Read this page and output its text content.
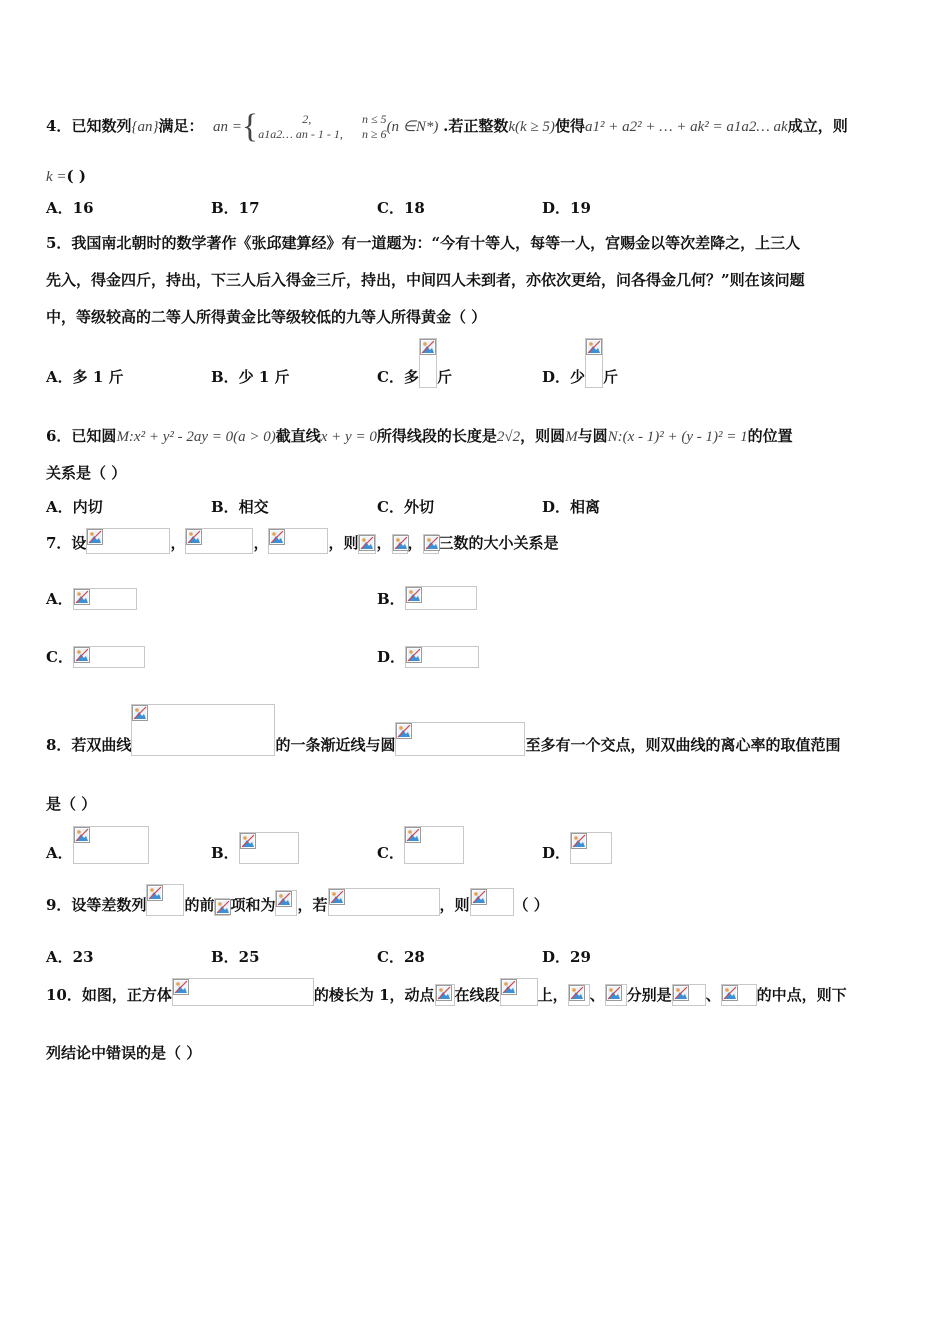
4．已知数列{an}满足： an ={	2,
a1a2… an - 1 - 1,    n ≤ 5
n ≥ 6(n ∈N*) .若正整数k(k ≥ 5)使得a1² + a2² + … + ak² = a1a2… ak成立，则
k =( )
A．16	B．17	C．18	D．19
5．我国南北朝时的数学著作《张邱建算经》有一道题为：“今有十等人，每等一人，宫赐金以等次差降之，上三人
先入，得金四斤，持出，下三人后入得金三斤，持出，中间四人未到者，亦依次更给，问各得金几何？”则在该问题
中，等级较高的二等人所得黄金比等级较低的九等人所得黄金（ ）
A．多 1 斤	B．少 1 斤	C．多 斤	D．少 斤
6．已知圆M:x² + y² - 2ay = 0(a > 0)截直线x + y = 0所得线段的长度是2√2，则圆M与圆N:(x - 1)² + (y - 1)² = 1的位置
关系是（ ）
A．内切	B．相交	C．外切	D．相离
7．设	，	，	，则 ， ， 三数的大小关系是
A．	B．
C．	D．
8．若双曲线	的一条渐近线与圆	至多有一个交点，则双曲线的离心率的取值范围
是（ ）
A．	B．	C．	D．
9．设等差数列	的前 项和为 ，若	，则	（ ）
A．23	B．25	C．28	D．29
10．如图，正方体	的棱长为 1，动点 在线段	上， 、 分别是 、 的中点，则下
列结论中错误的是（ ）
